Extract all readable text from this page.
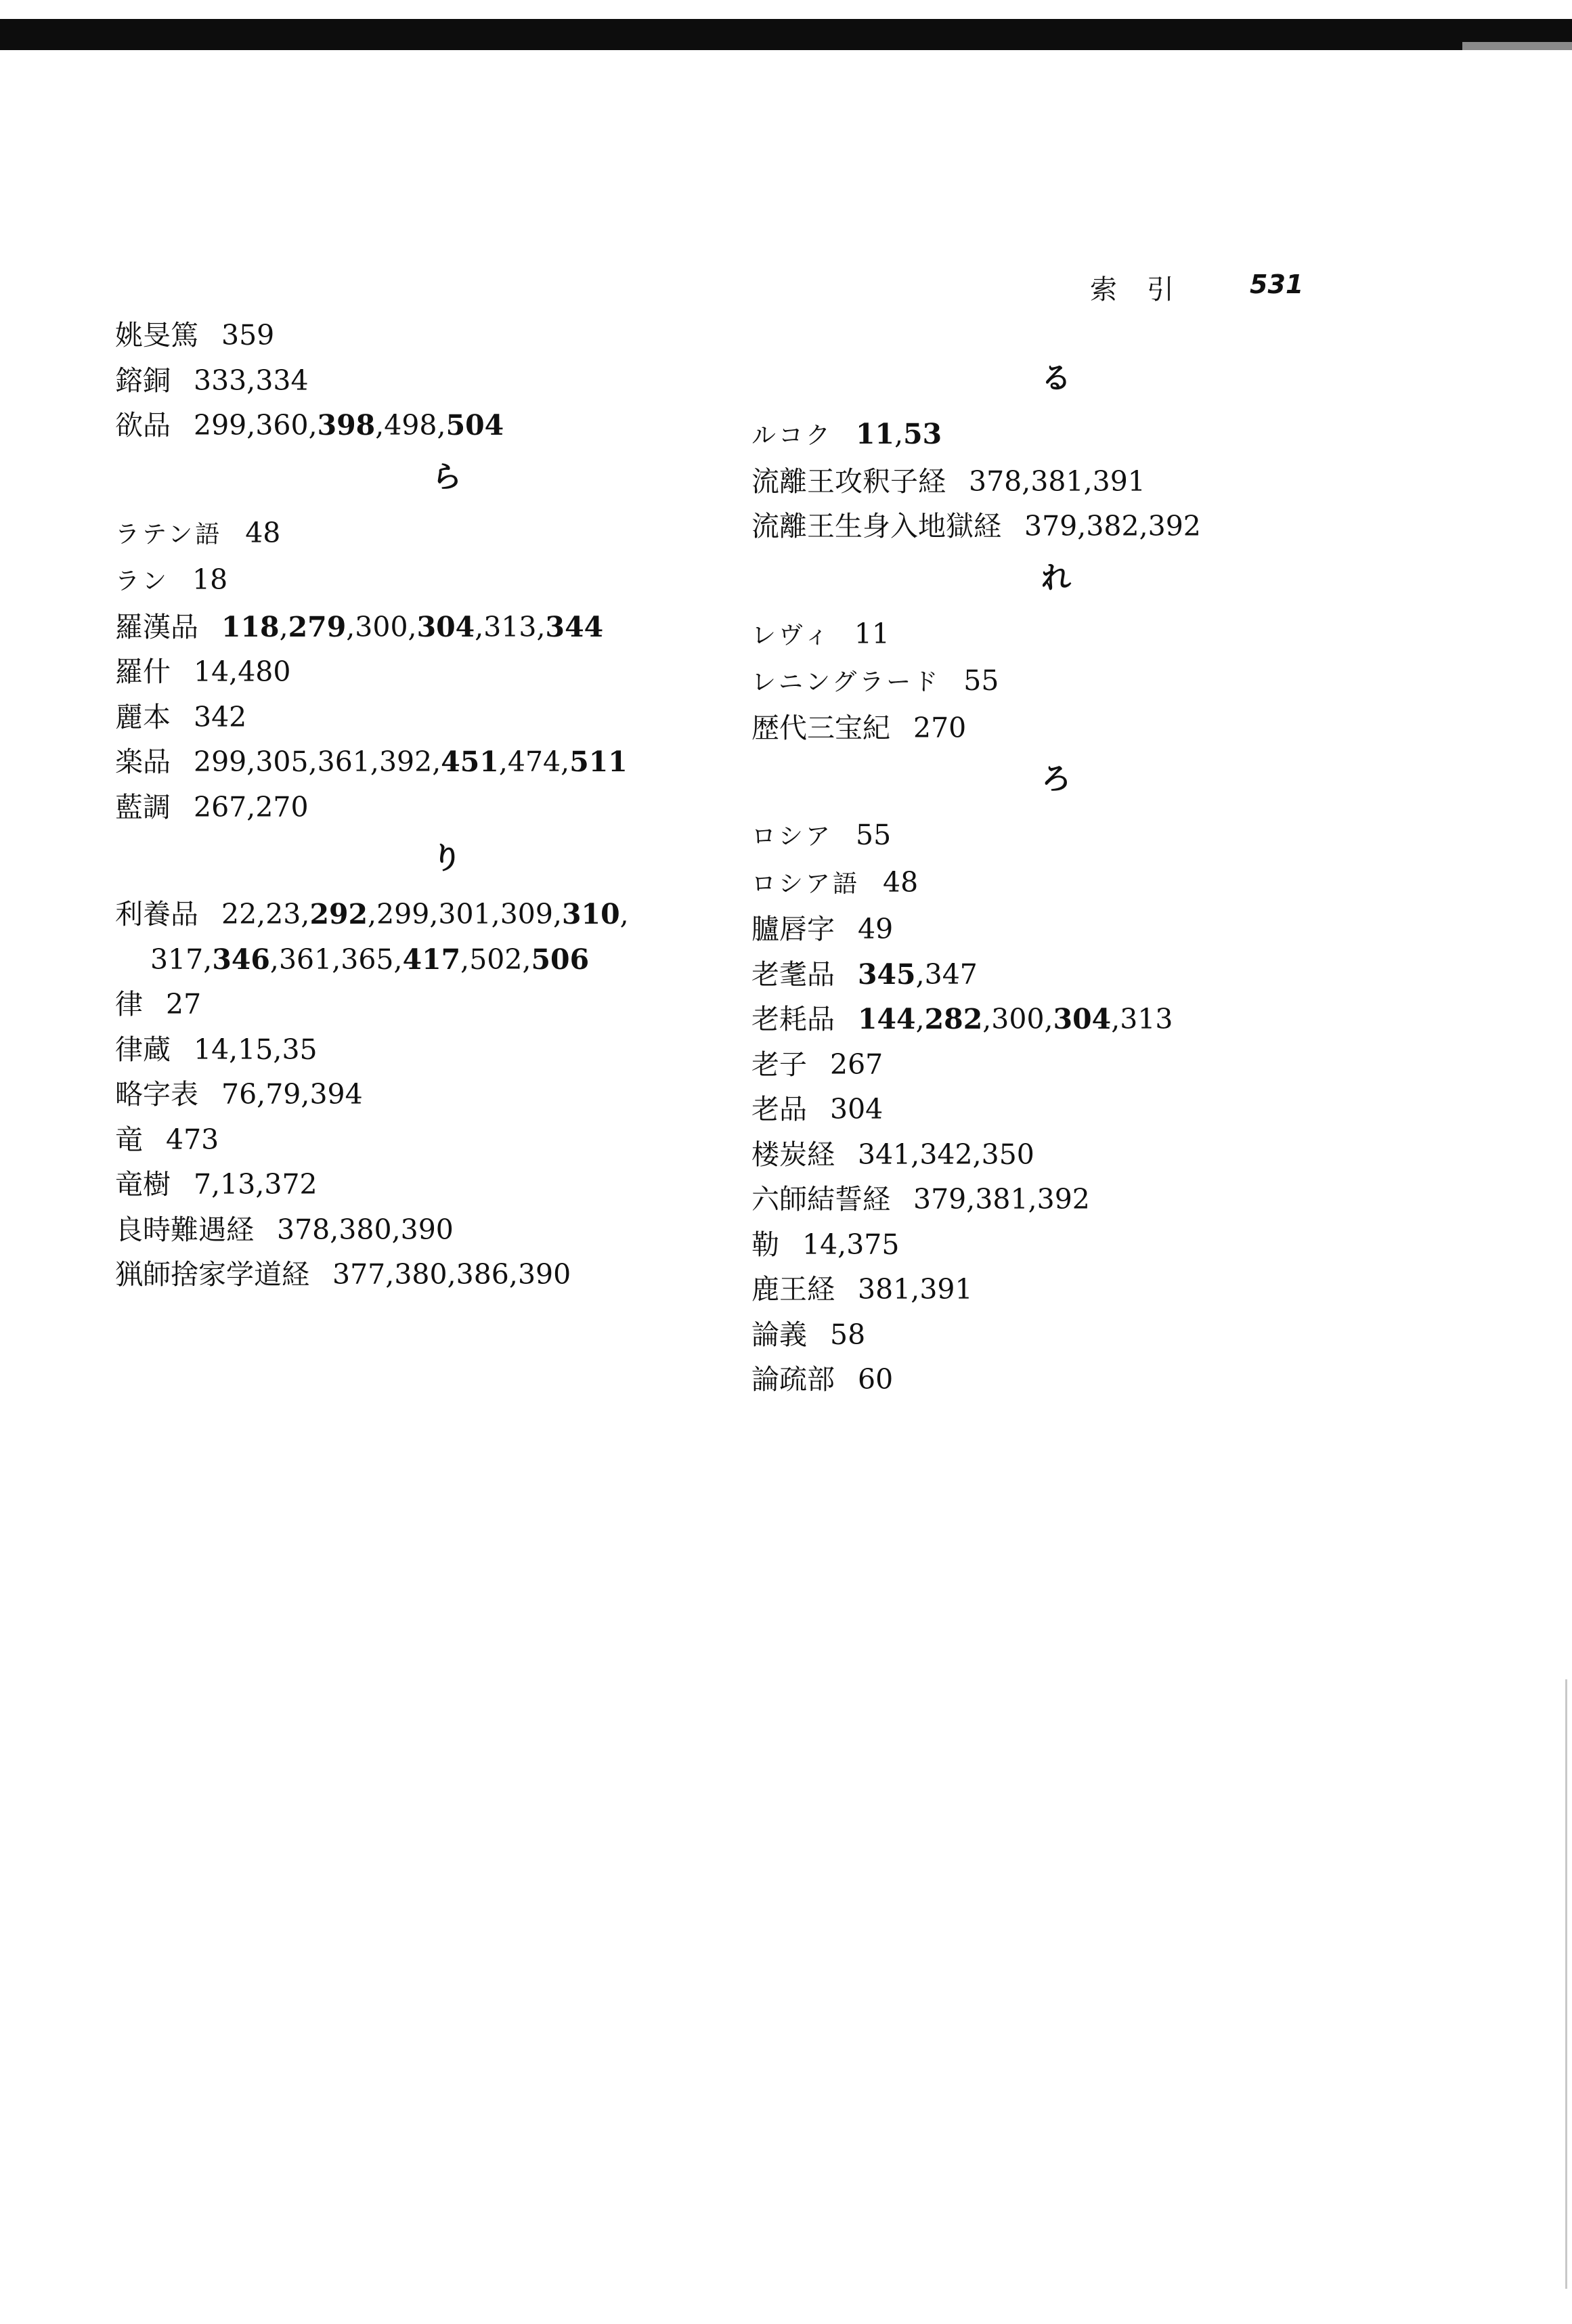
索　引	531
姚旻篤 359
鎔銅 333,334
欲品 299,360,398,498,504
ら
ラテン語 48
ラン 18
羅漢品 118,279,300,304,313,344
羅什 14,480
麗本 342
楽品 299,305,361,392,451,474,511
藍調 267,270
り
利養品 22,23,292,299,301,309,310,
317,346,361,365,417,502,506
律 27
律蔵 14,15,35
略字表 76,79,394
竜 473
竜樹 7,13,372
良時難遇経 378,380,390
猟師捨家学道経 377,380,386,390
る
ルコク 11,53
流離王攻釈子経 378,381,391
流離王生身入地獄経 379,382,392
れ
レヴィ 11
レニングラード 55
歴代三宝紀 270
ろ
ロシア 55
ロシア語 48
臚唇字 49
老耄品 345,347
老耗品 144,282,300,304,313
老子 267
老品 304
楼炭経 341,342,350
六師結誓経 379,381,392
勒 14,375
鹿王経 381,391
論義 58
論疏部 60
